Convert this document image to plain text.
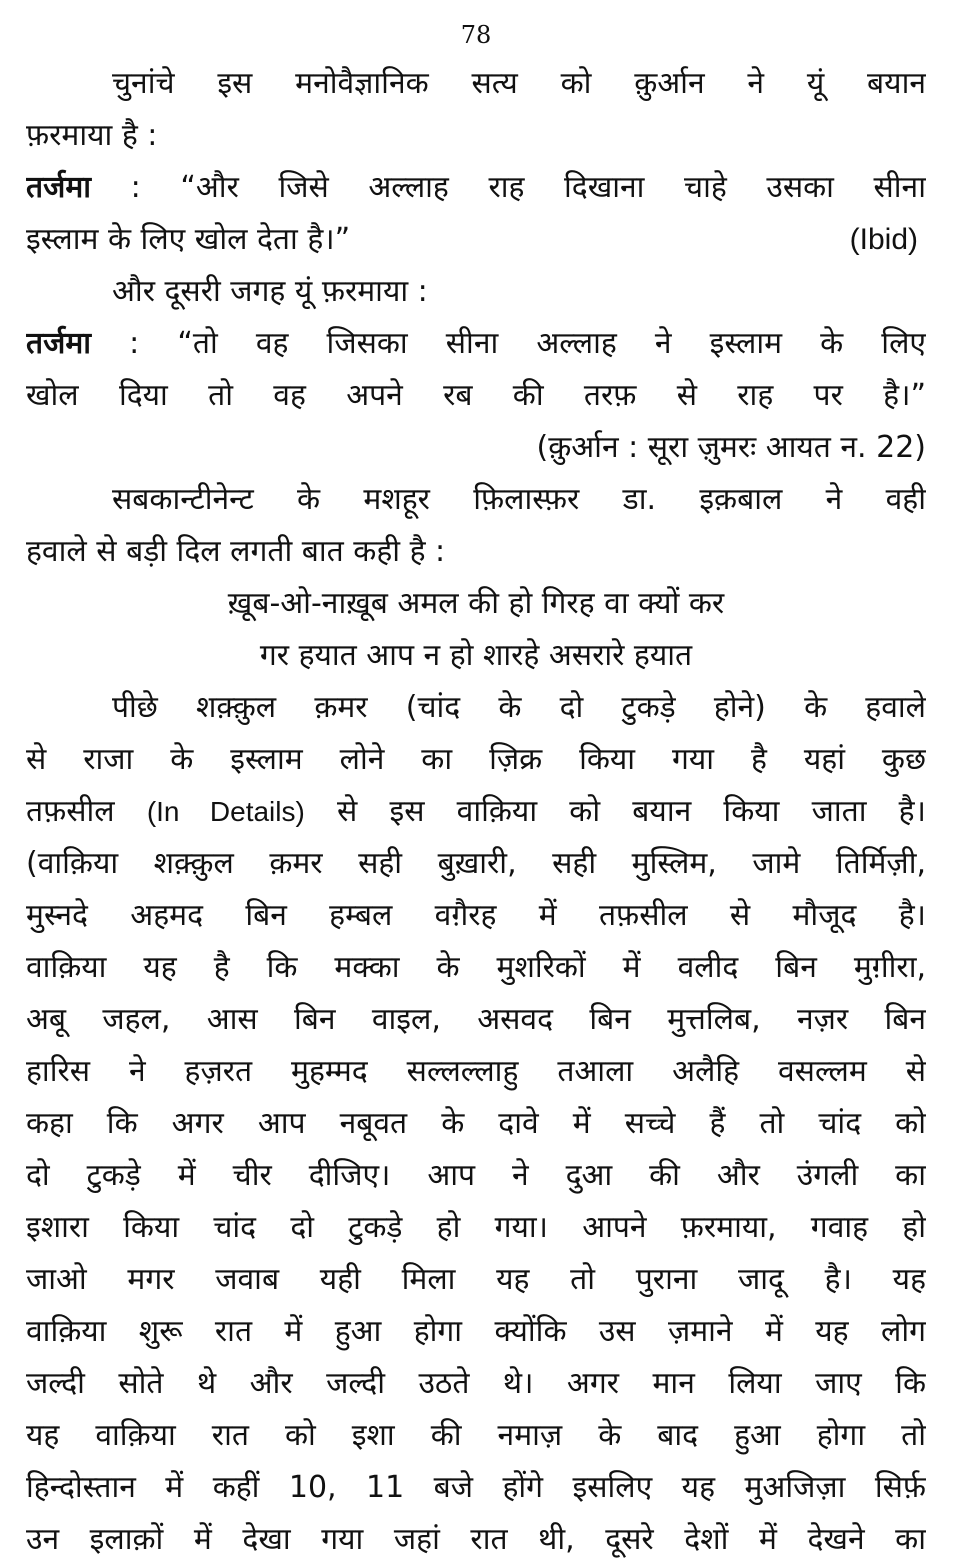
78
चुनांचे इस मनोवैज्ञानिक सत्य को क़ुर्आन ने यूं बयान
फ़रमाया है :
तर्जमा : “और जिसे अल्लाह राह दिखाना चाहे उसका सीना
इस्लाम के लिए खोल देता है।”	(Ibid)
और दूसरी जगह यूं फ़रमाया :
तर्जमा : “तो वह जिसका सीना अल्लाह ने इस्लाम के लिए
खोल दिया तो वह अपने रब की तरफ़ से राह पर है।”
(क़ुर्आन : सूरा ज़ुमरः आयत न. 22)
सबकान्टीनेन्ट के मशहूर फ़िलास्फ़र डा. इक़बाल ने वही
हवाले से बड़ी दिल लगती बात कही है :
ख़ूब-ओ-नाख़ूब अमल की हो गिरह वा क्यों कर
गर हयात आप न हो शारहे असरारे हयात
पीछे शक़्क़ुल क़मर (चांद के दो टुकड़े होने) के हवाले
से राजा के इस्लाम लोने का ज़िक्र किया गया है यहां कुछ
तफ़सील (In Details) से इस वाक़िया को बयान किया जाता है।
(वाक़िया शक़्क़ुल क़मर सही बुख़ारी, सही मुस्लिम, जामे तिर्मिज़ी,
मुस्नदे अहमद बिन हम्बल वग़ैरह में तफ़सील से मौजूद है।
वाक़िया यह है कि मक्का के मुशरिकों में वलीद बिन मुग़ीरा,
अबू जहल, आस बिन वाइल, असवद बिन मुत्तलिब, नज़र बिन
हारिस ने हज़रत मुहम्मद सल्लल्लाहु तआला अलैहि वसल्लम से
कहा कि अगर आप नबूवत के दावे में सच्चे हैं तो चांद को
दो टुकड़े में चीर दीजिए। आप ने दुआ की और उंगली का
इशारा किया चांद दो टुकड़े हो गया। आपने फ़रमाया, गवाह हो
जाओ मगर जवाब यही मिला यह तो पुराना जादू है। यह
वाक़िया शुरू रात में हुआ होगा क्योंकि उस ज़माने में यह लोग
जल्दी सोते थे और जल्दी उठते थे। अगर मान लिया जाए कि
यह वाक़िया रात को इशा की नमाज़ के बाद हुआ होगा तो
हिन्दोस्तान में कहीं 10, 11 बजे होंगे इसलिए यह मुअजिज़ा सिर्फ़
उन इलाक़ों में देखा गया जहां रात थी, दूसरे देशों में देखने का
